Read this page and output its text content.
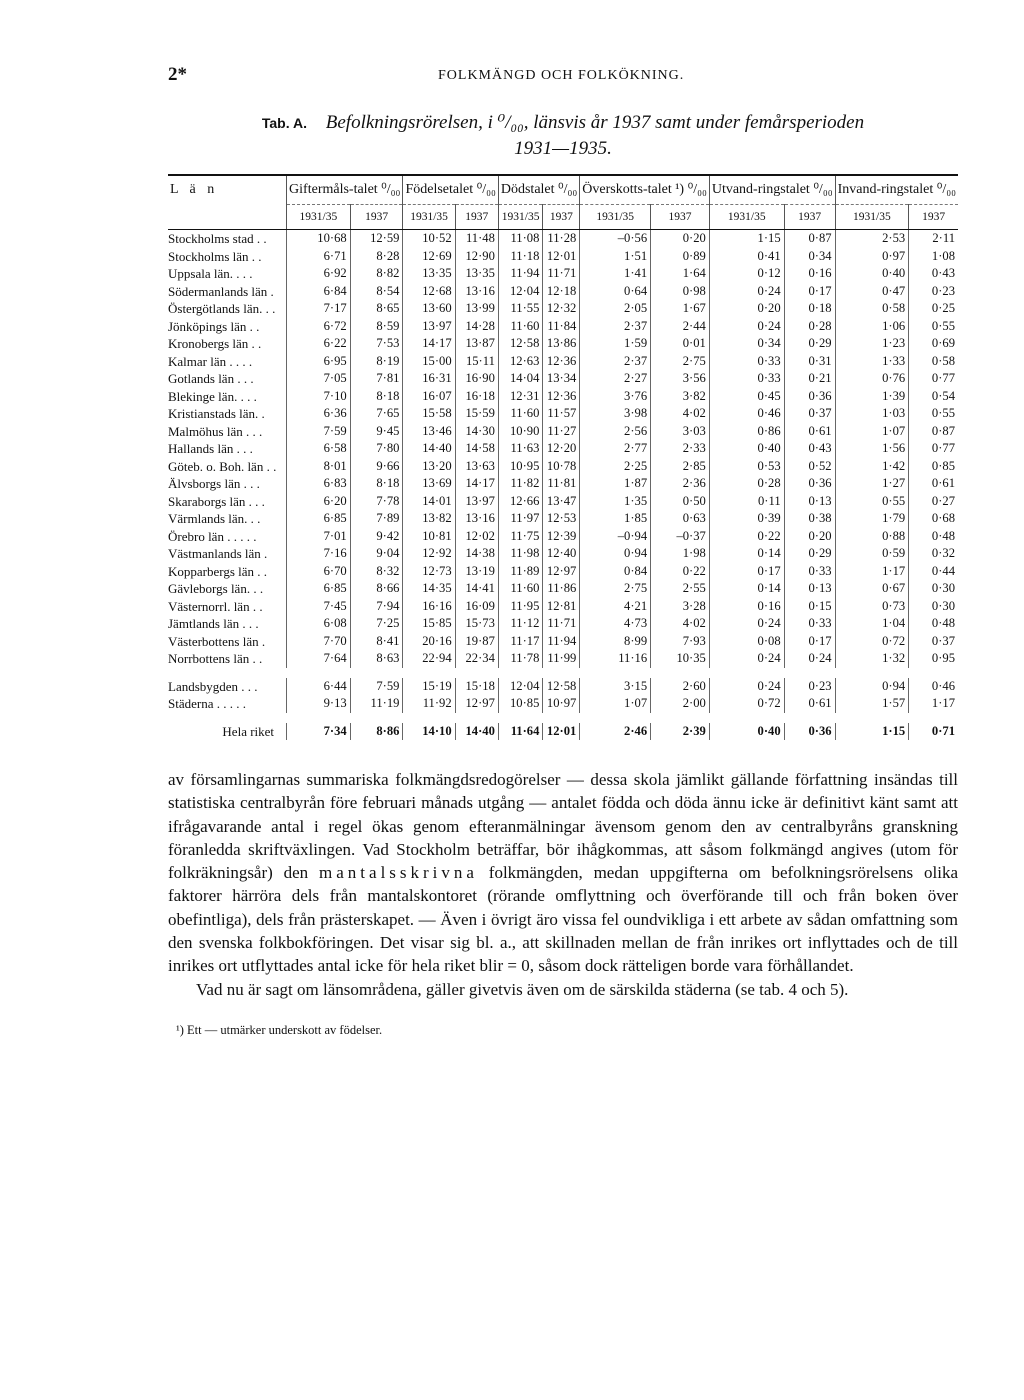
2*	FOLKMÄNGD OCH FOLKÖKNING.
Tab. A. Befolkningsrörelsen, i ⁰/₀₀, länsvis år 1937 samt under femårsperioden
1931—1935.

L ä n	Giftermåls-talet ⁰/₀₀		Födelsetalet ⁰/₀₀		Dödstalet ⁰/₀₀		Överskotts-talet ¹) ⁰/₀₀		Utvand-ringstalet ⁰/₀₀		Invand-ringstalet ⁰/₀₀	
	1931/35	1937	1931/35	1937	1931/35	1937	1931/35	1937	1931/35	1937	1931/35	1937

Stockholms stad . .	10·68	12·59	10·52	11·48	11·08	11·28	–0·56	0·20	1·15	0·87	2·53	2·11
Stockholms län . .	6·71	8·28	12·69	12·90	11·18	12·01	1·51	0·89	0·41	0·34	0·97	1·08
Uppsala län. . . .	6·92	8·82	13·35	13·35	11·94	11·71	1·41	1·64	0·12	0·16	0·40	0·43
Södermanlands län .	6·84	8·54	12·68	13·16	12·04	12·18	0·64	0·98	0·24	0·17	0·47	0·23
Östergötlands län. . .	7·17	8·65	13·60	13·99	11·55	12·32	2·05	1·67	0·20	0·18	0·58	0·25
Jönköpings län . .	6·72	8·59	13·97	14·28	11·60	11·84	2·37	2·44	0·24	0·28	1·06	0·55
Kronobergs län . .	6·22	7·53	14·17	13·87	12·58	13·86	1·59	0·01	0·34	0·29	1·23	0·69
Kalmar län . . . .	6·95	8·19	15·00	15·11	12·63	12·36	2·37	2·75	0·33	0·31	1·33	0·58
Gotlands län . . .	7·05	7·81	16·31	16·90	14·04	13·34	2·27	3·56	0·33	0·21	0·76	0·77
Blekinge län. . . .	7·10	8·18	16·07	16·18	12·31	12·36	3·76	3·82	0·45	0·36	1·39	0·54
Kristianstads län. .	6·36	7·65	15·58	15·59	11·60	11·57	3·98	4·02	0·46	0·37	1·03	0·55
Malmöhus län . . .	7·59	9·45	13·46	14·30	10·90	11·27	2·56	3·03	0·86	0·61	1·07	0·87
Hallands län . . .	6·58	7·80	14·40	14·58	11·63	12·20	2·77	2·33	0·40	0·43	1·56	0·77
Göteb. o. Boh. län . .	8·01	9·66	13·20	13·63	10·95	10·78	2·25	2·85	0·53	0·52	1·42	0·85
Älvsborgs län . . .	6·83	8·18	13·69	14·17	11·82	11·81	1·87	2·36	0·28	0·36	1·27	0·61
Skaraborgs län . . .	6·20	7·78	14·01	13·97	12·66	13·47	1·35	0·50	0·11	0·13	0·55	0·27
Värmlands län. . .	6·85	7·89	13·82	13·16	11·97	12·53	1·85	0·63	0·39	0·38	1·79	0·68
Örebro län . . . . .	7·01	9·42	10·81	12·02	11·75	12·39	–0·94	–0·37	0·22	0·20	0·88	0·48
Västmanlands län .	7·16	9·04	12·92	14·38	11·98	12·40	0·94	1·98	0·14	0·29	0·59	0·32
Kopparbergs län . .	6·70	8·32	12·73	13·19	11·89	12·97	0·84	0·22	0·17	0·33	1·17	0·44
Gävleborgs län. . .	6·85	8·66	14·35	14·41	11·60	11·86	2·75	2·55	0·14	0·13	0·67	0·30
Västernorrl. län . .	7·45	7·94	16·16	16·09	11·95	12·81	4·21	3·28	0·16	0·15	0·73	0·30
Jämtlands län . . .	6·08	7·25	15·85	15·73	11·12	11·71	4·73	4·02	0·24	0·33	1·04	0·48
Västerbottens län .	7·70	8·41	20·16	19·87	11·17	11·94	8·99	7·93	0·08	0·17	0·72	0·37
Norrbottens län . .	7·64	8·63	22·94	22·34	11·78	11·99	11·16	10·35	0·24	0·24	1·32	0·95

Landsbygden . . .	6·44	7·59	15·19	15·18	12·04	12·58	3·15	2·60	0·24	0·23	0·94	0·46
Städerna . . . . .	9·13	11·19	11·92	12·97	10·85	10·97	1·07	2·00	0·72	0·61	1·57	1·17

Hela riket	7·34	8·86	14·10	14·40	11·64	12·01	2·46	2·39	0·40	0·36	1·15	0·71

av församlingarnas summariska folkmängdsredogörelser — dessa skola jämlikt gällande författning insändas till statistiska centralbyrån före februari månads utgång — antalet födda och döda ännu icke är definitivt känt samt att ifrågavarande antal i regel ökas genom efteranmälningar ävensom genom den av centralbyråns granskning föranledda skriftväxlingen. Vad Stockholm beträffar, bör ihågkommas, att såsom folkmängd angives (utom för folkräkningsår) den mantalsskrivna folkmängden, medan uppgifterna om befolkningsrörelsens olika faktorer härröra dels från mantalskontoret (rörande omflyttning och överförande till och från boken över obefintliga), dels från prästerskapet. — Även i övrigt äro vissa fel oundvikliga i ett arbete av sådan omfattning som den svenska folkbokföringen. Det visar sig bl. a., att skillnaden mellan de från inrikes ort inflyttades och de till inrikes ort utflyttades antal icke för hela riket blir = 0, såsom dock rätteligen borde vara förhållandet.

Vad nu är sagt om länsområdena, gäller givetvis även om de särskilda städerna (se tab. 4 och 5).

¹) Ett — utmärker underskott av födelser.
